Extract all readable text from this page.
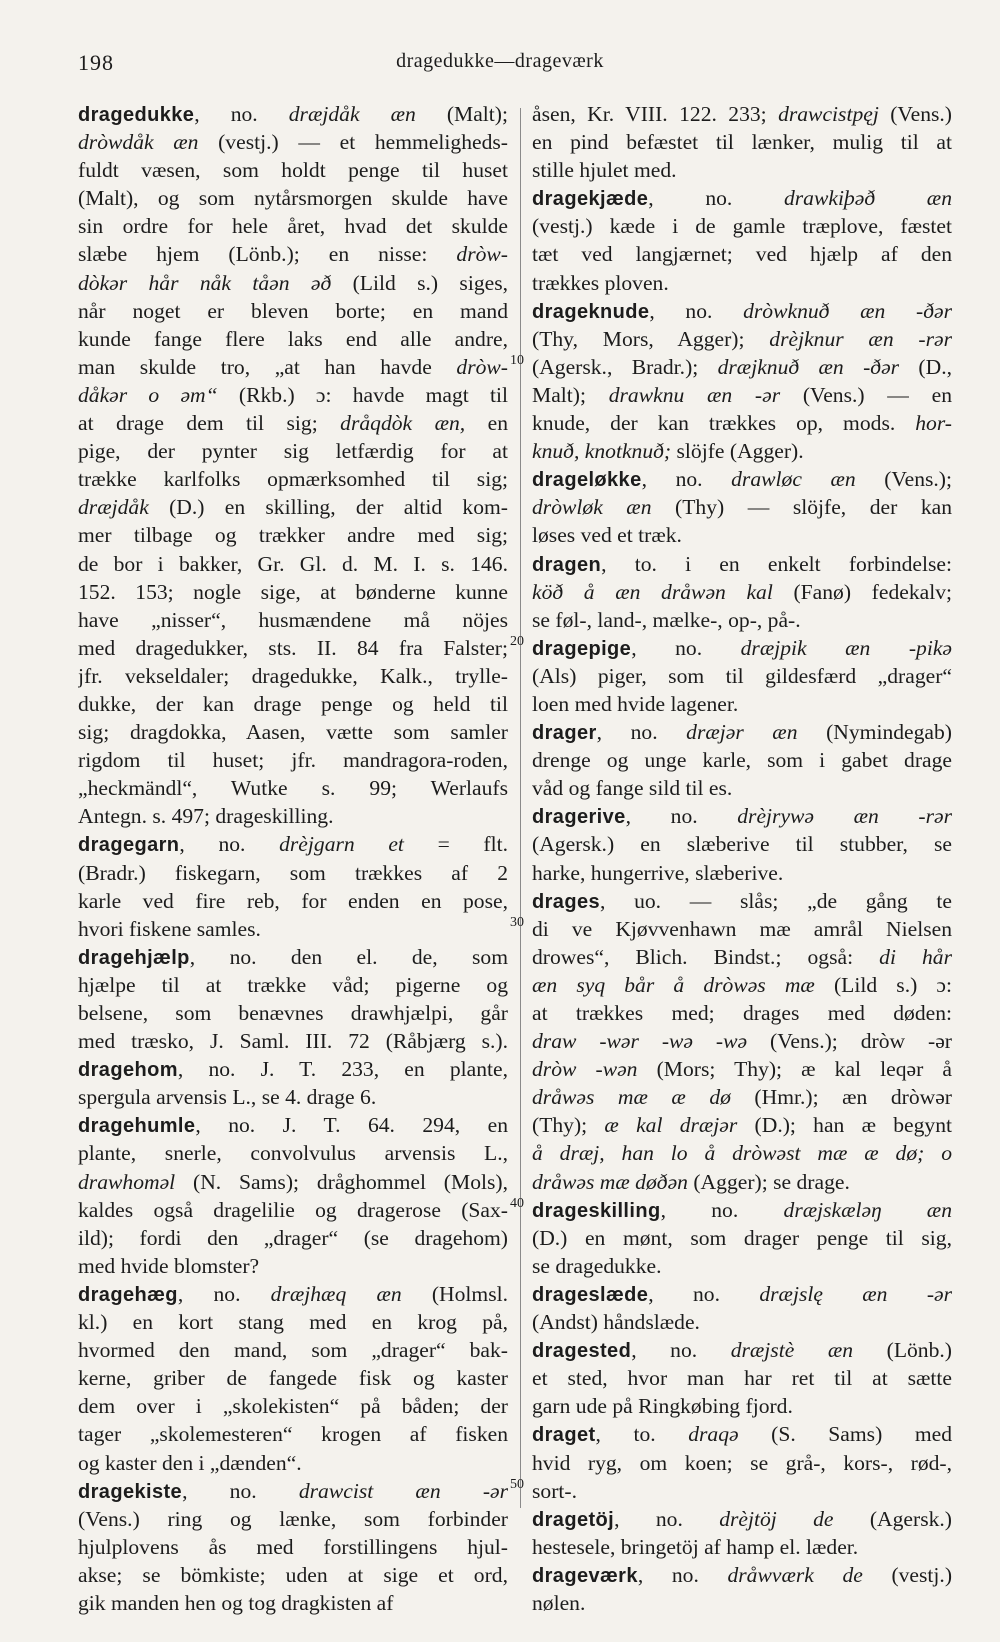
198	dragedukke—drageværk
dragedukke, no. dræjdåk æn (Malt);
dròwdåk æn (vestj.) — et hemmeligheds-
fuldt væsen, som holdt penge til huset
(Malt), og som nytårsmorgen skulde have
sin ordre for hele året, hvad det skulde
slæbe hjem (Lönb.); en nisse: dròw-
dòkər hår nåk tåən əð (Lild s.) siges,
når noget er bleven borte; en mand
kunde fange flere laks end alle andre,
man skulde tro, „at han havde dròw-
dåkər o əm“ (Rkb.) ɔ: havde magt til
at drage dem til sig; dråqdòk æn, en
pige, der pynter sig letfærdig for at
trække karlfolks opmærksomhed til sig;
dræjdåk (D.) en skilling, der altid kom-
mer tilbage og trækker andre med sig;
de bor i bakker, Gr. Gl. d. M. I. s. 146.
152. 153; nogle sige, at bønderne kunne
have „nisser“, husmændene må nöjes
med dragedukker, sts. II. 84 fra Falster;
jfr. vekseldaler; dragedukke, Kalk., trylle-
dukke, der kan drage penge og held til
sig; dragdokka, Aasen, vætte som samler
rigdom til huset; jfr. mandragora-roden,
„heckmändl“, Wutke s. 99; Werlaufs
Antegn. s. 497; drageskilling.
dragegarn, no. drèjgarn et = flt.
(Bradr.) fiskegarn, som trækkes af 2
karle ved fire reb, for enden en pose,
hvori fiskene samles.
dragehjælp, no. den el. de, som
hjælpe til at trække våd; pigerne og
belsene, som benævnes drawhjælpi, går
med træsko, J. Saml. III. 72 (Råbjærg s.).
dragehom, no. J. T. 233, en plante,
spergula arvensis L., se 4. drage 6.
dragehumle, no. J. T. 64. 294, en
plante, snerle, convolvulus arvensis L.,
drawhoməl (N. Sams); dråghommel (Mols),
kaldes også dragelilie og dragerose (Sax-
ild); fordi den „drager“ (se dragehom)
med hvide blomster?
dragehæg, no. dræjhæq æn (Holmsl.
kl.) en kort stang med en krog på,
hvormed den mand, som „drager“ bak-
kerne, griber de fangede fisk og kaster
dem over i „skolekisten“ på båden; der
tager „skolemesteren“ krogen af fisken
og kaster den i „dænden“.
dragekiste, no. drawcist æn -ər
(Vens.) ring og lænke, som forbinder
hjulplovens ås med forstillingens hjul-
akse; se bömkiste; uden at sige et ord,
gik manden hen og tog dragkisten af
åsen, Kr. VIII. 122. 233; drawcistpęj (Vens.)
en pind befæstet til lænker, mulig til at
stille hjulet med.
dragekjæde, no. drawkiþəð æn
(vestj.) kæde i de gamle træplove, fæstet
tæt ved langjærnet; ved hjælp af den
trækkes ploven.
drageknude, no. dròwknuð æn -ðər
(Thy, Mors, Agger); drèjknur æn -rər
(Agersk., Bradr.); dræjknuð æn -ðər (D.,
Malt); drawknu æn -ər (Vens.) — en
knude, der kan trækkes op, mods. hor-
knuð, knotknuð; slöjfe (Agger).
drageløkke, no. drawløc æn (Vens.);
dròwløk æn (Thy) — slöjfe, der kan
løses ved et træk.
dragen, to. i en enkelt forbindelse:
köð å æn dråwən kal (Fanø) fedekalv;
se føl-, land-, mælke-, op-, på-.
dragepige, no. dræjpik æn -pikə
(Als) piger, som til gildesfærd „drager“
loen med hvide lagener.
drager, no. dræjər æn (Nymindegab)
drenge og unge karle, som i gabet drage
våd og fange sild til es.
dragerive, no. drèjrywə æn -rər
(Agersk.) en slæberive til stubber, se
harke, hungerrive, slæberive.
drages, uo. — slås; „de gång te
di ve Kjøvvenhawn mæ amrål Nielsen
drowes“, Blich. Bindst.; også: di hår
æn syq bår å dròwəs mæ (Lild s.) ɔ:
at trækkes med; drages med døden:
draw -wər -wə -wə (Vens.); dròw -ər
dròw -wən (Mors; Thy); æ kal leqər å
dråwəs mæ æ dø (Hmr.); æn dròwər
(Thy); æ kal dræjər (D.); han æ begynt
å dræj, han lo å dròwəst mæ æ dø; o
dråwəs mæ døðən (Agger); se drage.
drageskilling, no. dræjskæləŋ æn
(D.) en mønt, som drager penge til sig,
se dragedukke.
drageslæde, no. dræjslę æn -ər
(Andst) håndslæde.
dragested, no. dræjstè æn (Lönb.)
et sted, hvor man har ret til at sætte
garn ude på Ringkøbing fjord.
draget, to. draqə (S. Sams) med
hvid ryg, om koen; se grå-, kors-, rød-,
sort-.
dragetöj, no. drèjtöj de (Agersk.)
hestesele, bringetöj af hamp el. læder.
drageværk, no. dråwværk de (vestj.)
nølen.
10
20
30
40
50
